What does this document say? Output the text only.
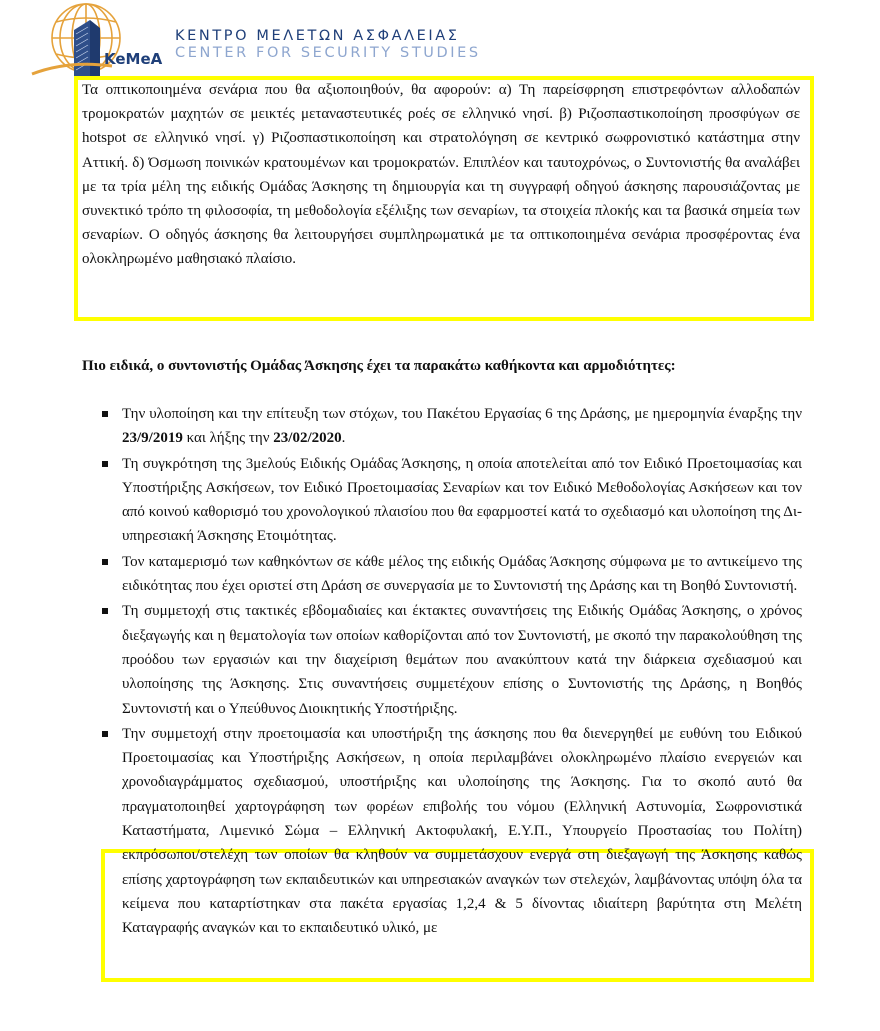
KeMeA
ΚΕΝΤΡΟ ΜΕΛΕΤΩΝ ΑΣΦΑΛΕΙΑΣ
CENTER FOR SECURITY STUDIES

Τα οπτικοποιημένα σενάρια που θα αξιοποιηθούν, θα αφορούν: α) Τη παρείσφρηση επιστρεφόντων αλλοδαπών τρομοκρατών μαχητών σε μεικτές μεταναστευτικές ροές σε ελληνικό νησί. β) Ριζοσπαστικοποίηση προσφύγων σε hotspot σε ελληνικό νησί. γ) Ριζοσπαστικοποίηση και στρατολόγηση σε κεντρικό σωφρονιστικό κατάστημα στην Αττική. δ) Όσμωση ποινικών κρατουμένων και τρομοκρατών. Επιπλέον και ταυτοχρόνως, ο Συντονιστής θα αναλάβει με τα τρία μέλη της ειδικής Ομάδας Άσκησης τη δημιουργία και τη συγγραφή οδηγού άσκησης παρουσιάζοντας με συνεκτικό τρόπο τη φιλοσοφία, τη μεθοδολογία εξέλιξης των σεναρίων, τα στοιχεία πλοκής και τα βασικά σημεία των σεναρίων. Ο οδηγός άσκησης θα λειτουργήσει συμπληρωματικά με τα οπτικοποιημένα σενάρια προσφέροντας ένα ολοκληρωμένο μαθησιακό πλαίσιο.

Πιο ειδικά, ο συντονιστής Ομάδας Άσκησης έχει τα παρακάτω καθήκοντα και αρμοδιότητες:

Την υλοποίηση και την επίτευξη των στόχων, του Πακέτου Εργασίας 6 της Δράσης, με ημερομηνία έναρξης την 23/9/2019 και λήξης την 23/02/2020.
Τη συγκρότηση της 3μελούς Ειδικής Ομάδας Άσκησης, η οποία αποτελείται από τον Ειδικό Προετοιμασίας και Υποστήριξης Ασκήσεων, τον Ειδικό Προετοιμασίας Σεναρίων και τον Ειδικό Μεθοδολογίας Ασκήσεων και τον από κοινού καθορισμό του χρονολογικού πλαισίου που θα εφαρμοστεί κατά το σχεδιασμό και υλοποίηση της Δι-υπηρεσιακή Άσκησης Ετοιμότητας.
Τον καταμερισμό των καθηκόντων σε κάθε μέλος της ειδικής Ομάδας Άσκησης σύμφωνα με το αντικείμενο της ειδικότητας που έχει οριστεί στη Δράση σε συνεργασία με το Συντονιστή της Δράσης και τη Βοηθό Συντονιστή.
Τη συμμετοχή στις τακτικές εβδομαδιαίες και έκτακτες συναντήσεις της Ειδικής Ομάδας Άσκησης, ο χρόνος διεξαγωγής και η θεματολογία των οποίων καθορίζονται από τον Συντονιστή, με σκοπό την παρακολούθηση της προόδου των εργασιών και την διαχείριση θεμάτων που ανακύπτουν κατά την διάρκεια σχεδιασμού και υλοποίησης της Άσκησης. Στις συναντήσεις συμμετέχουν επίσης ο Συντονιστής της Δράσης, η Βοηθός Συντονιστή και ο Υπεύθυνος Διοικητικής Υποστήριξης.
Την συμμετοχή στην προετοιμασία και υποστήριξη της άσκησης που θα διενεργηθεί με ευθύνη του Ειδικού Προετοιμασίας και Υποστήριξης Ασκήσεων, η οποία περιλαμβάνει ολοκληρωμένο πλαίσιο ενεργειών και χρονοδιαγράμματος σχεδιασμού, υποστήριξης και υλοποίησης της Άσκησης. Για το σκοπό αυτό θα πραγματοποιηθεί χαρτογράφηση των φορέων επιβολής του νόμου (Ελληνική Αστυνομία, Σωφρονιστικά Καταστήματα, Λιμενικό Σώμα – Ελληνική Ακτοφυλακή, Ε.Υ.Π., Υπουργείο Προστασίας του Πολίτη) εκπρόσωποι/στελέχη των οποίων θα κληθούν να συμμετάσχουν ενεργά στη διεξαγωγή της Άσκησης καθώς επίσης χαρτογράφηση των εκπαιδευτικών και υπηρεσιακών αναγκών των στελεχών, λαμβάνοντας υπόψη όλα τα κείμενα που καταρτίστηκαν στα πακέτα εργασίας 1,2,4 & 5 δίνοντας ιδιαίτερη βαρύτητα στη Μελέτη Καταγραφής αναγκών και το εκπαιδευτικό υλικό, με
